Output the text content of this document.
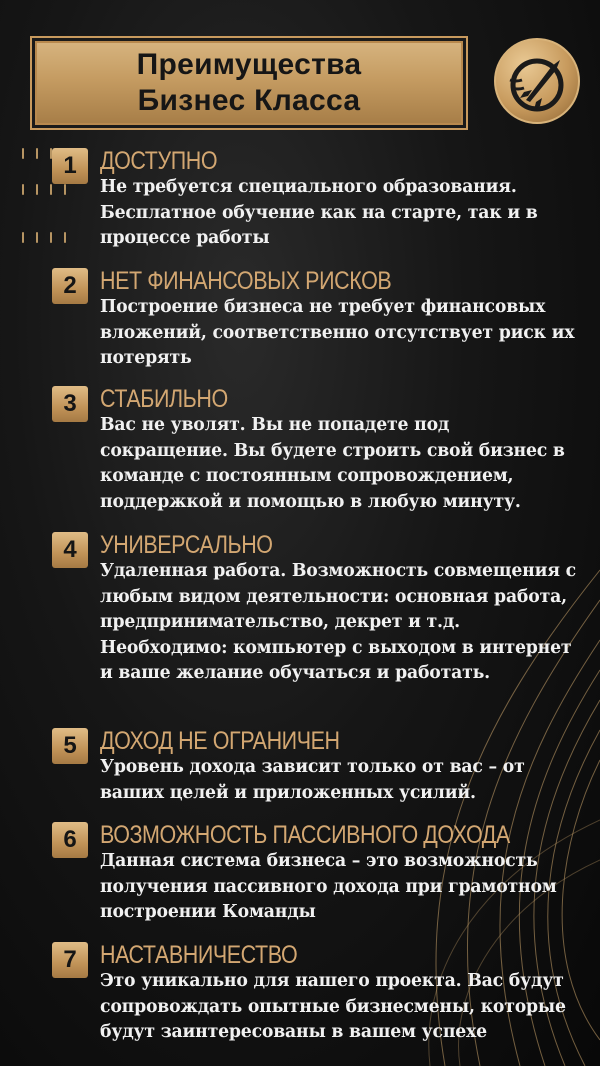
Преимущества
Бизнес Класса
1 ДОСТУПНО
Не требуется специального образования. Бесплатное обучение как на старте, так и в процессе работы
2 НЕТ ФИНАНСОВЫХ РИСКОВ
Построение бизнеса не требует финансовых вложений, соответственно отсутствует риск их потерять
3 СТАБИЛЬНО
Вас не уволят. Вы не попадете под сокращение. Вы будете строить свой бизнес в команде с постоянным сопровождением, поддержкой и помощью в любую минуту.
4 УНИВЕРСАЛЬНО
Удаленная работа. Возможность совмещения с любым видом деятельности: основная работа, предпринимательство, декрет и т.д. Необходимо: компьютер с выходом в интернет и ваше желание обучаться и работать.
5 ДОХОД НЕ ОГРАНИЧЕН
Уровень дохода зависит только от вас – от ваших целей и приложенных усилий.
6 ВОЗМОЖНОСТЬ ПАССИВНОГО ДОХОДА
Данная система бизнеса – это возможность получения пассивного дохода при грамотном построении Команды
7 НАСТАВНИЧЕСТВО
Это уникально для нашего проекта. Вас будут сопровождать опытные бизнесмены, которые будут заинтересованы в вашем успехе
